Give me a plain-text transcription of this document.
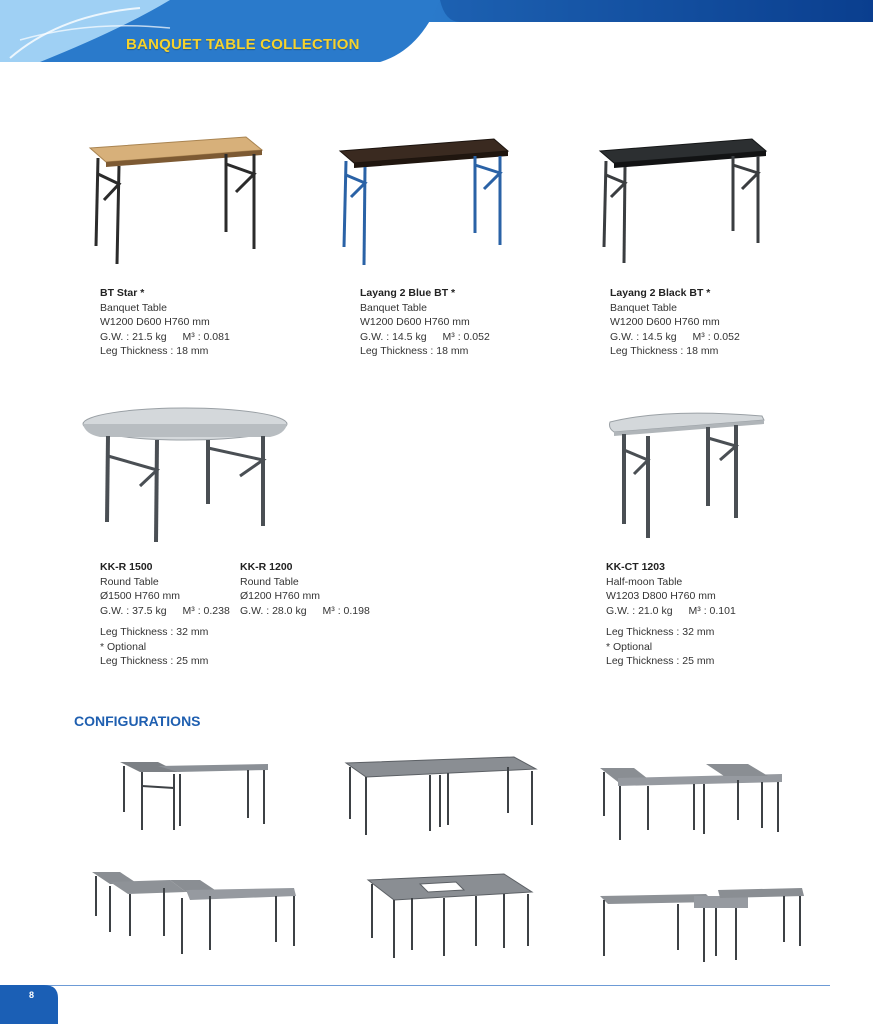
BANQUET TABLE COLLECTION
BT Star *
Banquet Table
W1200 D600 H760 mm
G.W. : 21.5 kg M³ : 0.081
Leg Thickness : 18 mm
Layang 2 Blue BT *
Banquet Table
W1200 D600 H760 mm
G.W. : 14.5 kg M³ : 0.052
Leg Thickness : 18 mm
Layang 2 Black BT *
Banquet Table
W1200 D600 H760 mm
G.W. : 14.5 kg M³ : 0.052
Leg Thickness : 18 mm
KK-R 1500
Round Table
Ø1500 H760 mm
G.W. : 37.5 kg M³ : 0.238
KK-R 1200
Round Table
Ø1200 H760 mm
G.W. : 28.0 kg M³ : 0.198
Leg Thickness : 32 mm
* Optional
Leg Thickness : 25 mm
KK-CT 1203
Half-moon Table
W1203 D800 H760 mm
G.W. : 21.0 kg M³ : 0.101
Leg Thickness : 32 mm
* Optional
Leg Thickness : 25 mm
CONFIGURATIONS
8
